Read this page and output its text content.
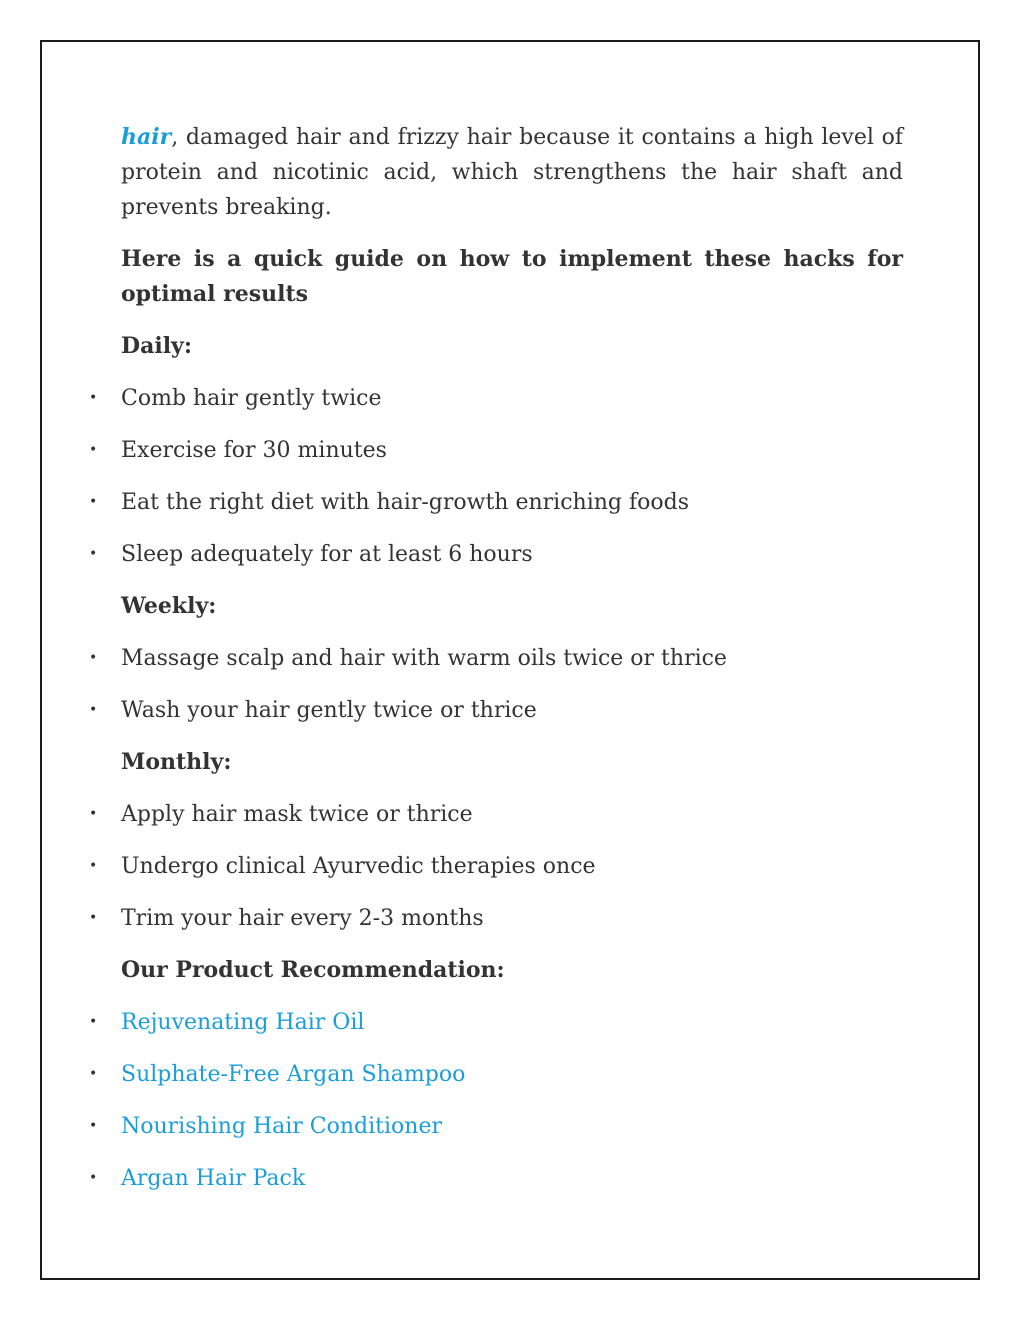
hair, damaged hair and frizzy hair because it contains a high level of protein and nicotinic acid, which strengthens the hair shaft and prevents breaking.

Here is a quick guide on how to implement these hacks for optimal results

Daily:

• Comb hair gently twice
• Exercise for 30 minutes
• Eat the right diet with hair-growth enriching foods
• Sleep adequately for at least 6 hours

Weekly:

• Massage scalp and hair with warm oils twice or thrice
• Wash your hair gently twice or thrice

Monthly:

• Apply hair mask twice or thrice
• Undergo clinical Ayurvedic therapies once
• Trim your hair every 2-3 months

Our Product Recommendation:

• Rejuvenating Hair Oil
• Sulphate-Free Argan Shampoo
• Nourishing Hair Conditioner
• Argan Hair Pack
